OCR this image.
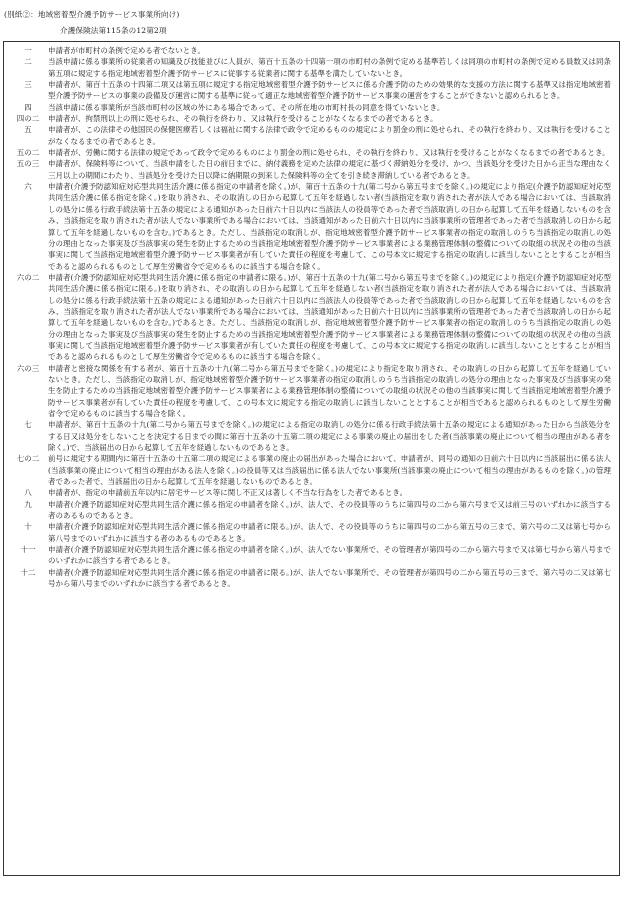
(別紙②：地域密着型介護予防サービス事業所向け)
介護保険法第115条の12第2項
一	申請者が市町村の条例で定める者でないとき。
二	当該申請に係る事業所の従業者の知識及び技能並びに人員が、第百十五条の十四第一項の市町村の条例で定める基準若しくは同項の市町村の条例で定める員数又は同条第五項に規定する指定地域密着型介護予防サービスに従事する従業者に関する基準を満たしていないとき。
三	申請者が、第百十五条の十四第二項又は第五項に規定する指定地域密着型介護予防サービスに係る介護予防のための効果的な支援の方法に関する基準又は指定地域密着型介護予防サービスの事業の設備及び運営に関する基準に従って適正な地域密着型介護予防サービス事業の運営をすることができないと認められるとき。
四	当該申請に係る事業所が当該市町村の区域の外にある場合であって、その所在地の市町村長の同意を得ていないとき。
四の二	申請者が、拘禁刑以上の刑に処せられ、その執行を終わり、又は執行を受けることがなくなるまでの者であるとき。
五	申請者が、この法律その他国民の保健医療若しくは福祉に関する法律で政令で定めるものの規定により罰金の刑に処せられ、その執行を終わり、又は執行を受けることがなくなるまでの者であるとき。
五の二	申請者が、労働に関する法律の規定であって政令で定めるものにより罰金の刑に処せられ、その執行を終わり、又は執行を受けることがなくなるまでの者であるとき。
五の三	申請者が、保険料等について、当該申請をした日の前日までに、納付義務を定めた法律の規定に基づく滞納処分を受け、かつ、当該処分を受けた日から正当な理由なく三月以上の期間にわたり、当該処分を受けた日以降に納期限の到来した保険料等の全てを引き続き滞納している者であるとき。
六	申請者(介護予防認知症対応型共同生活介護に係る指定の申請者を除く。)が、第百十五条の十九(第二号から第五号までを除く。)の規定により指定(介護予防認知症対応型共同生活介護に係る指定を除く。)を取り消され、その取消しの日から起算して五年を経過しない者(当該指定を取り消された者が法人である場合においては、当該取消しの処分に係る行政手続法第十五条の規定による通知があった日前六十日以内に当該法人の役員等であった者で当該取消しの日から起算して五年を経過しないものを含み、当該指定を取り消された者が法人でない事業所である場合においては、当該通知があった日前六十日以内に当該事業所の管理者であった者で当該取消しの日から起算して五年を経過しないものを含む。)であるとき。ただし、当該指定の取消しが、指定地域密着型介護予防サービス事業者の指定の取消しのうち当該指定の取消しの処分の理由となった事実及び当該事実の発生を防止するための当該指定地域密着型介護予防サービス事業者による業務管理体制の整備についての取組の状況その他の当該事実に関して当該指定地域密着型介護予防サービス事業者が有していた責任の程度を考慮して、この号本文に規定する指定の取消しに該当しないこととすることが相当であると認められるものとして厚生労働省令で定めるものに該当する場合を除く。
六の二	申請者(介護予防認知症対応型共同生活介護に係る指定の申請者に限る。)が、第百十五条の十九(第二号から第五号までを除く。)の規定により指定(介護予防認知症対応型共同生活介護に係る指定に限る。)を取り消され、その取消しの日から起算して五年を経過しない者(当該指定を取り消された者が法人である場合においては、当該取消しの処分に係る行政手続法第十五条の規定による通知があった日前六十日以内に当該法人の役員等であった者で当該取消しの日から起算して五年を経過しないものを含み、当該指定を取り消された者が法人でない事業所である場合においては、当該通知があった日前六十日以内に当該事業所の管理者であった者で当該取消しの日から起算して五年を経過しないものを含む。)であるとき。ただし、当該指定の取消しが、指定地域密着型介護予防サービス事業者の指定の取消しのうち当該指定の取消しの処分の理由となった事実及び当該事実の発生を防止するための当該指定地域密着型介護予防サービス事業者による業務管理体制の整備についての取組の状況その他の当該事実に関して当該指定地域密着型介護予防サービス事業者が有していた責任の程度を考慮して、この号本文に規定する指定の取消しに該当しないこととすることが相当であると認められるものとして厚生労働省令で定めるものに該当する場合を除く。
六の三	申請者と密接な関係を有する者が、第百十五条の十九(第二号から第五号までを除く。)の規定により指定を取り消され、その取消しの日から起算して五年を経過していないとき。ただし、当該指定の取消しが、指定地域密着型介護予防サービス事業者の指定の取消しのうち当該指定の取消しの処分の理由となった事実及び当該事実の発生を防止するための当該指定地域密着型介護予防サービス事業者による業務管理体制の整備についての取組の状況その他の当該事実に関して当該指定地域密着型介護予防サービス事業者が有していた責任の程度を考慮して、この号本文に規定する指定の取消しに該当しないこととすることが相当であると認められるものとして厚生労働省令で定めるものに該当する場合を除く。
七	申請者が、第百十五条の十九(第二号から第五号までを除く。)の規定による指定の取消しの処分に係る行政手続法第十五条の規定による通知があった日から当該処分をする日又は処分をしないことを決定する日までの間に第百十五条の十五第二項の規定による事業の廃止の届出をした者(当該事業の廃止について相当の理由がある者を除く。)で、当該届出の日から起算して五年を経過しないものであるとき。
七の二	前号に規定する期間内に第百十五条の十五第二項の規定による事業の廃止の届出があった場合において、申請者が、同号の通知の日前六十日以内に当該届出に係る法人(当該事業の廃止について相当の理由がある法人を除く。)の役員等又は当該届出に係る法人でない事業所(当該事業の廃止について相当の理由があるものを除く。)の管理者であった者で、当該届出の日から起算して五年を経過しないものであるとき。
八	申請者が、指定の申請前五年以内に居宅サービス等に関し不正又は著しく不当な行為をした者であるとき。
九	申請者(介護予防認知症対応型共同生活介護に係る指定の申請者を除く。)が、法人で、その役員等のうちに第四号の二から第六号まで又は前三号のいずれかに該当する者のあるものであるとき。
十	申請者(介護予防認知症対応型共同生活介護に係る指定の申請者に限る。)が、法人で、その役員等のうちに第四号の二から第五号の三まで、第六号の二又は第七号から第八号までのいずれかに該当する者のあるものであるとき。
十一	申請者(介護予防認知症対応型共同生活介護に係る指定の申請者を除く。)が、法人でない事業所で、その管理者が第四号の二から第六号まで又は第七号から第八号までのいずれかに該当する者であるとき。
十二	申請者(介護予防認知症対応型共同生活介護に係る指定の申請者に限る。)が、法人でない事業所で、その管理者が第四号の二から第五号の三まで、第六号の二又は第七号から第八号までのいずれかに該当する者であるとき。
